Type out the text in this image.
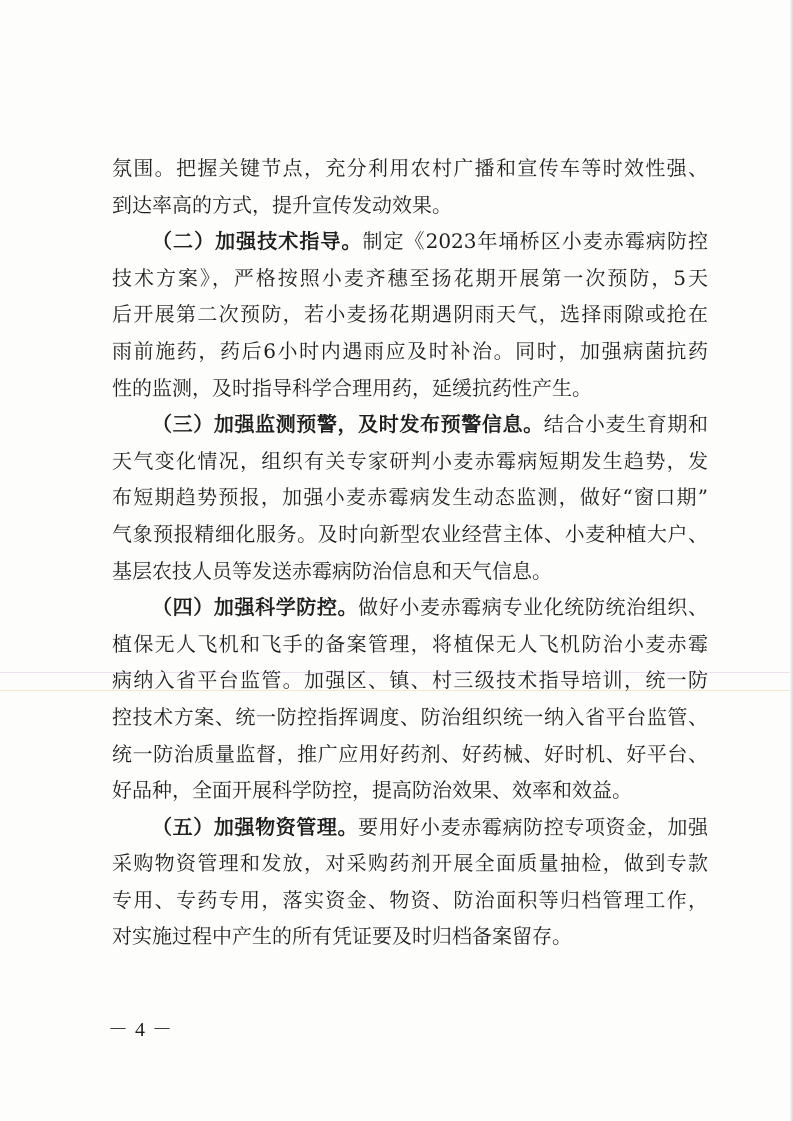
氛围。把握关键节点，充分利用农村广播和宣传车等时效性强、
到达率高的方式，提升宣传发动效果。
（二）加强技术指导。制定《2023年埇桥区小麦赤霉病防控
技术方案》，严格按照小麦齐穗至扬花期开展第一次预防，5天
后开展第二次预防，若小麦扬花期遇阴雨天气，选择雨隙或抢在
雨前施药，药后6小时内遇雨应及时补治。同时，加强病菌抗药
性的监测，及时指导科学合理用药，延缓抗药性产生。
（三）加强监测预警，及时发布预警信息。结合小麦生育期和
天气变化情况，组织有关专家研判小麦赤霉病短期发生趋势，发
布短期趋势预报，加强小麦赤霉病发生动态监测，做好“窗口期”
气象预报精细化服务。及时向新型农业经营主体、小麦种植大户、
基层农技人员等发送赤霉病防治信息和天气信息。
（四）加强科学防控。做好小麦赤霉病专业化统防统治组织、
植保无人飞机和飞手的备案管理，将植保无人飞机防治小麦赤霉
病纳入省平台监管。加强区、镇、村三级技术指导培训，统一防
控技术方案、统一防控指挥调度、防治组织统一纳入省平台监管、
统一防治质量监督，推广应用好药剂、好药械、好时机、好平台、
好品种，全面开展科学防控，提高防治效果、效率和效益。
（五）加强物资管理。要用好小麦赤霉病防控专项资金，加强
采购物资管理和发放，对采购药剂开展全面质量抽检，做到专款
专用、专药专用，落实资金、物资、防治面积等归档管理工作，
对实施过程中产生的所有凭证要及时归档备案留存。
－ 4 －
